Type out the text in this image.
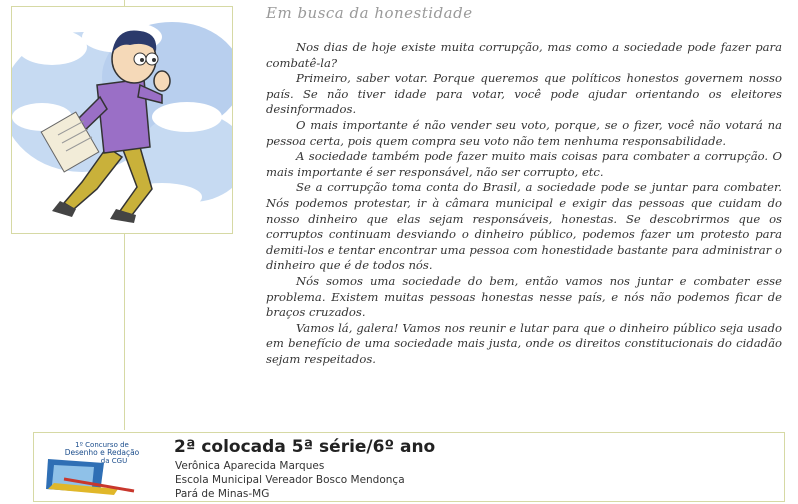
Em busca da honestidade

Nos dias de hoje existe muita corrupção, mas como a sociedade pode fazer para combatê-la?

Primeiro, saber votar. Porque queremos que políticos honestos governem nosso país. Se não tiver idade para votar, você pode ajudar orientando os eleitores desinformados.

O mais importante é não vender seu voto, porque, se o fizer, você não votará na pessoa certa, pois quem compra seu voto não tem nenhuma responsabilidade.

A sociedade também pode fazer muito mais coisas para combater a corrupção. O mais importante é ser responsável, não ser corrupto, etc.

Se a corrupção toma conta do Brasil, a sociedade pode se juntar para combater. Nós podemos protestar, ir à câmara municipal e exigir das pessoas que cuidam do nosso dinheiro que elas sejam responsáveis, honestas. Se descobrirmos que os corruptos continuam desviando o dinheiro público, podemos fazer um protesto para demiti-los e tentar encontrar uma pessoa com honestidade bastante para administrar o dinheiro que é de todos nós.

Nós somos uma sociedade do bem, então vamos nos juntar e combater esse problema. Existem muitas pessoas honestas nesse país, e nós não podemos ficar de braços cruzados.

Vamos lá, galera! Vamos nos reunir e lutar para que o dinheiro público seja usado em benefício de uma sociedade mais justa, onde os direitos constitucionais do cidadão sejam respeitados.

1º Concurso de
Desenho e Redação
da CGU
2ª colocada 5ª série/6º ano
Verônica Aparecida Marques
Escola Municipal Vereador Bosco Mendonça
Pará de Minas-MG
